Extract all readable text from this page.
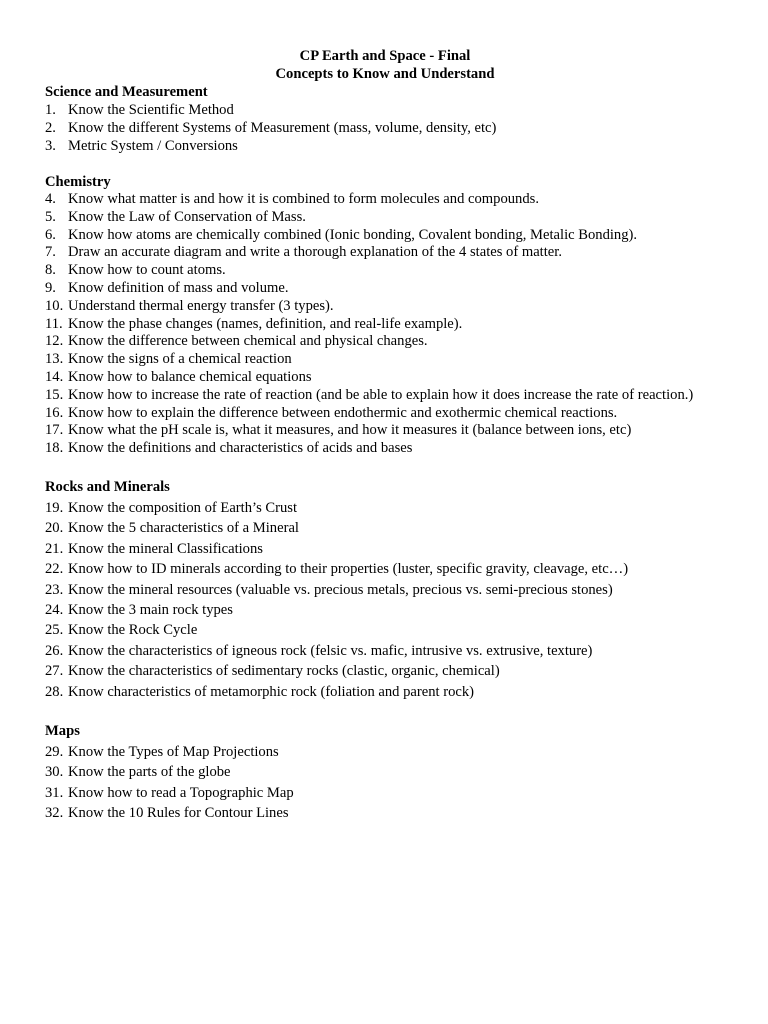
CP Earth and Space - Final
Concepts to Know and Understand
Science and Measurement
1. Know the Scientific Method
2. Know the different Systems of Measurement (mass, volume, density, etc)
3. Metric System / Conversions
Chemistry
4. Know what matter is and how it is combined to form molecules and compounds.
5. Know the Law of Conservation of Mass.
6. Know how atoms are chemically combined (Ionic bonding, Covalent bonding, Metalic Bonding).
7. Draw an accurate diagram and write a thorough explanation of the 4 states of matter.
8. Know how to count atoms.
9. Know definition of mass and volume.
10. Understand thermal energy transfer (3 types).
11. Know the phase changes (names, definition, and real-life example).
12. Know the difference between chemical and physical changes.
13. Know the signs of a chemical reaction
14. Know how to balance chemical equations
15. Know how to increase the rate of reaction (and be able to explain how it does increase the rate of reaction.)
16. Know how to explain the difference between endothermic and exothermic chemical reactions.
17. Know what the pH scale is, what it measures, and how it measures it (balance between ions, etc)
18. Know the definitions and characteristics of acids and bases
Rocks and Minerals
19. Know the composition of Earth’s Crust
20. Know the 5 characteristics of a Mineral
21. Know the mineral Classifications
22. Know how to ID minerals according to their properties (luster, specific gravity, cleavage, etc…)
23. Know the mineral resources (valuable vs. precious metals, precious vs. semi-precious stones)
24. Know the 3 main rock types
25. Know the Rock Cycle
26. Know the characteristics of igneous rock (felsic vs. mafic, intrusive vs. extrusive, texture)
27. Know the characteristics of sedimentary rocks (clastic, organic, chemical)
28. Know characteristics of metamorphic rock (foliation and parent rock)
Maps
29. Know the Types of Map Projections
30. Know the parts of the globe
31. Know how to read a Topographic Map
32. Know the 10 Rules for Contour Lines
